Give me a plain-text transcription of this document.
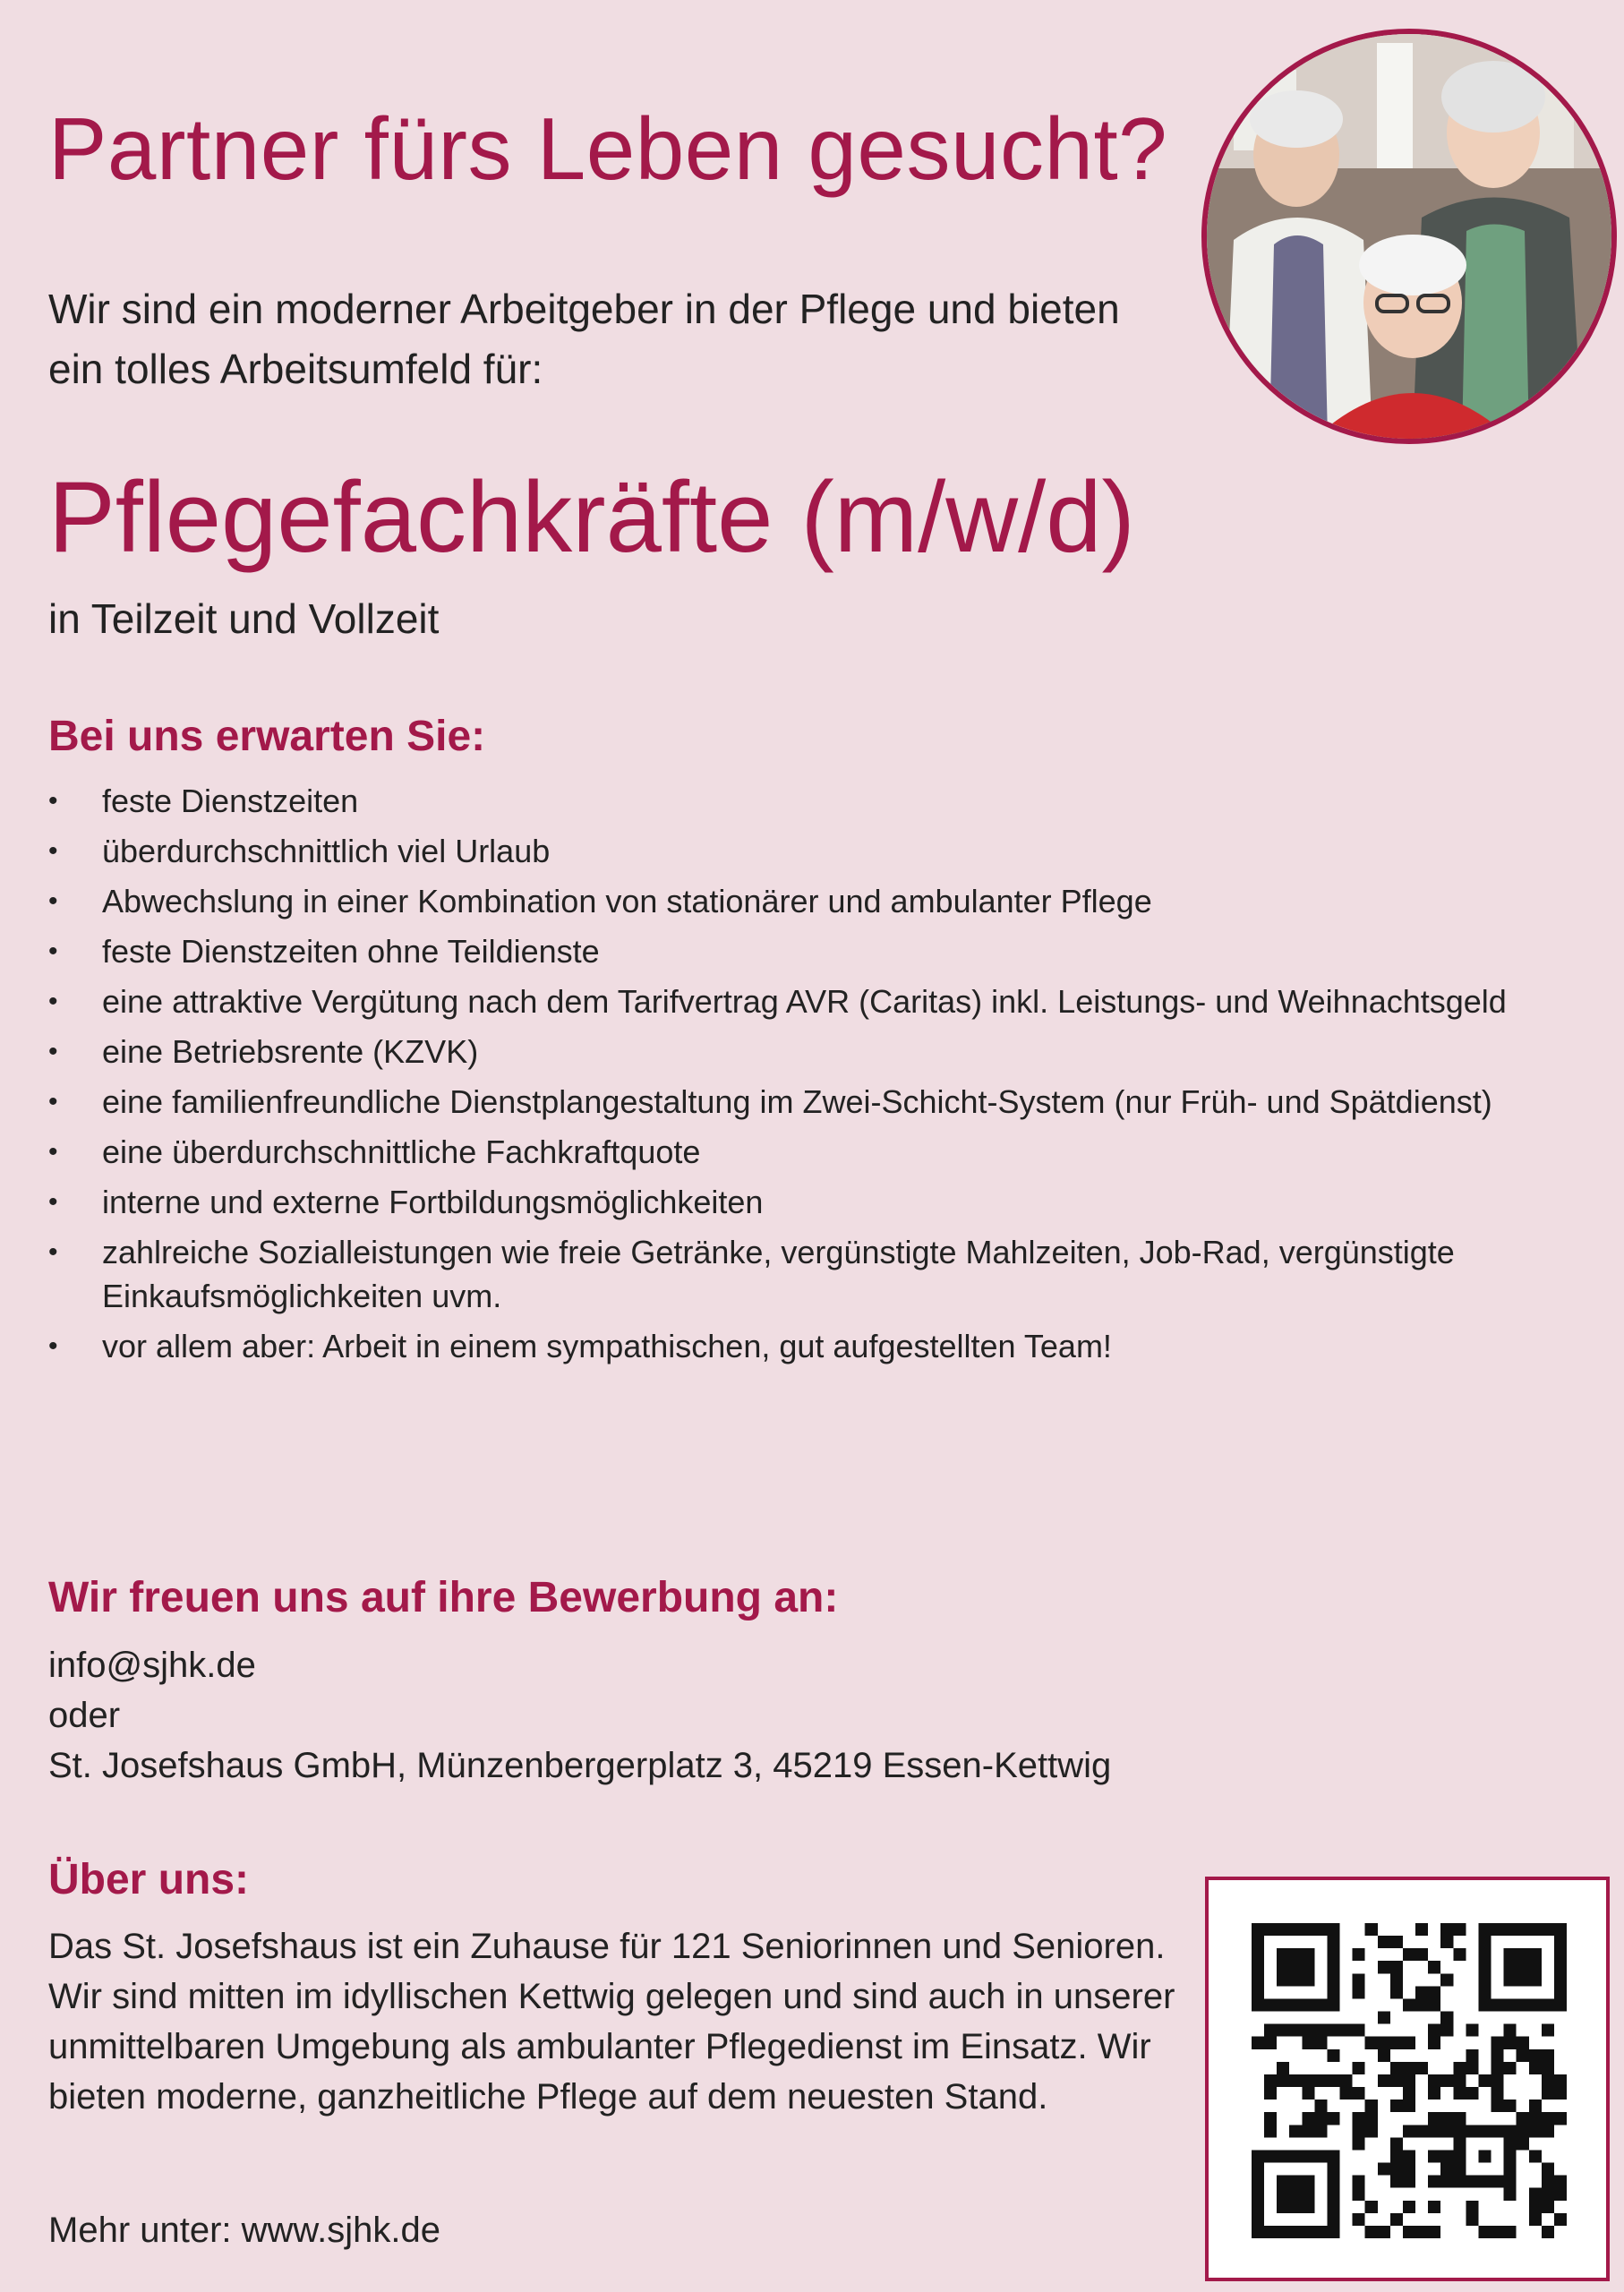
Partner fürs Leben gesucht?

Wir sind ein moderner Arbeitgeber in der Pflege und bieten ein tolles Arbeitsumfeld für:

Pflegefachkräfte (m/w/d)

in Teilzeit und Vollzeit

Bei uns erwarten Sie:
• feste Dienstzeiten
• überdurchschnittlich viel Urlaub
• Abwechslung in einer Kombination von stationärer und ambulanter Pflege
• feste Dienstzeiten ohne Teildienste
• eine attraktive Vergütung nach dem Tarifvertrag AVR (Caritas) inkl. Leistungs- und Weihnachtsgeld
• eine Betriebsrente (KZVK)
• eine familienfreundliche Dienstplangestaltung im Zwei-Schicht-System (nur Früh- und Spätdienst)
• eine überdurchschnittliche Fachkraftquote
• interne und externe Fortbildungsmöglichkeiten
• zahlreiche Sozialleistungen wie freie Getränke, vergünstigte Mahlzeiten, Job-Rad, vergünstigte Einkaufsmöglichkeiten uvm.
• vor allem aber: Arbeit in einem sympathischen, gut aufgestellten Team!
Wir freuen uns auf ihre Bewerbung an:
info@sjhk.de
oder
St. Josefshaus GmbH, Münzenbergerplatz 3, 45219 Essen-Kettwig
Über uns:

Das St. Josefshaus ist ein Zuhause für 121 Seniorinnen und Senioren. Wir sind mitten im idyllischen Kettwig gelegen und sind auch in unserer unmittelbaren Umgebung als ambulanter Pflegedienst im Einsatz. Wir bieten moderne, ganzheitliche Pflege auf dem neuesten Stand.

Mehr unter: www.sjhk.de
